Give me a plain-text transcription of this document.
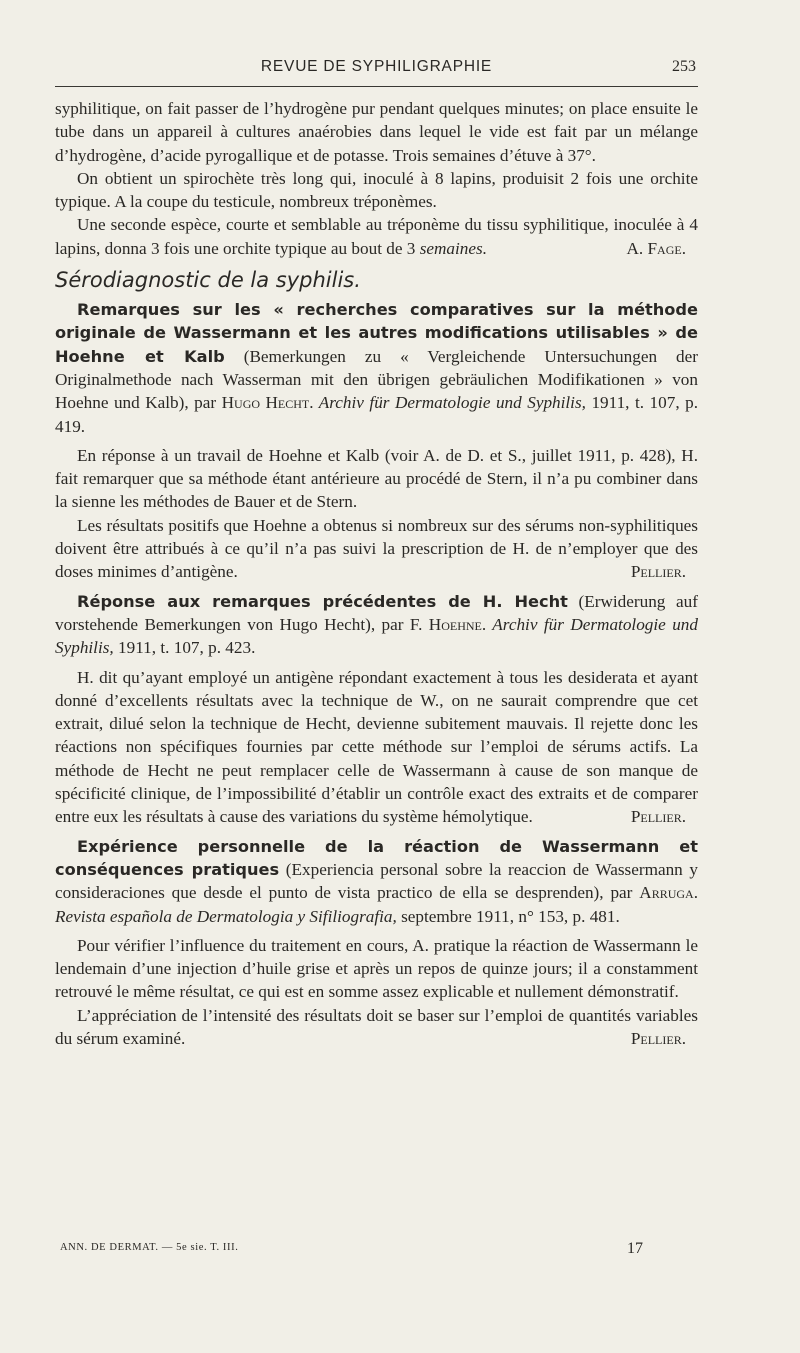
REVUE DE SYPHILIGRAPHIE	253

syphilitique, on fait passer de l’hydrogène pur pendant quelques minutes; on place ensuite le tube dans un appareil à cultures anaérobies dans lequel le vide est fait par un mélange d’hydrogène, d’acide pyrogallique et de potasse. Trois semaines d’étuve à 37°.

On obtient un spirochète très long qui, inoculé à 8 lapins, produisit 2 fois une orchite typique. A la coupe du testicule, nombreux tréponèmes.

Une seconde espèce, courte et semblable au tréponème du tissu syphilitique, inoculée à 4 lapins, donna 3 fois une orchite typique au bout de 3 semaines.	A. Fage.

Sérodiagnostic de la syphilis.

Remarques sur les « recherches comparatives sur la méthode originale de Wassermann et les autres modifications utilisables » de Hoehne et Kalb (Bemerkungen zu « Vergleichende Untersuchungen der Originalmethode nach Wasserman mit den übrigen gebräulichen Modifikationen » von Hoehne und Kalb), par Hugo Hecht. Archiv für Dermatologie und Syphilis, 1911, t. 107, p. 419.

En réponse à un travail de Hoehne et Kalb (voir A. de D. et S., juillet 1911, p. 428), H. fait remarquer que sa méthode étant antérieure au procédé de Stern, il n’a pu combiner dans la sienne les méthodes de Bauer et de Stern.

Les résultats positifs que Hoehne a obtenus si nombreux sur des sérums non-syphilitiques doivent être attribués à ce qu’il n’a pas suivi la prescription de H. de n’employer que des doses minimes d’antigène.	Pellier.

Réponse aux remarques précédentes de H. Hecht (Erwiderung auf vorstehende Bemerkungen von Hugo Hecht), par F. Hoehne. Archiv für Dermatologie und Syphilis, 1911, t. 107, p. 423.

H. dit qu’ayant employé un antigène répondant exactement à tous les desiderata et ayant donné d’excellents résultats avec la technique de W., on ne saurait comprendre que cet extrait, dilué selon la technique de Hecht, devienne subitement mauvais. Il rejette donc les réactions non spécifiques fournies par cette méthode sur l’emploi de sérums actifs. La méthode de Hecht ne peut remplacer celle de Wassermann à cause de son manque de spécificité clinique, de l’impossibilité d’établir un contrôle exact des extraits et de comparer entre eux les résultats à cause des variations du système hémolytique.	Pellier.

Expérience personnelle de la réaction de Wassermann et conséquences pratiques (Experiencia personal sobre la reaccion de Wassermann y consideraciones que desde el punto de vista practico de ella se desprenden), par Arruga. Revista española de Dermatologia y Sifiliografia, septembre 1911, n° 153, p. 481.

Pour vérifier l’influence du traitement en cours, A. pratique la réaction de Wassermann le lendemain d’une injection d’huile grise et après un repos de quinze jours; il a constamment retrouvé le même résultat, ce qui est en somme assez explicable et nullement démonstratif.

L’appréciation de l’intensité des résultats doit se baser sur l’emploi de quantités variables du sérum examiné.	Pellier.

ANN. DE DERMAT. — 5e sie. T. III.	17
